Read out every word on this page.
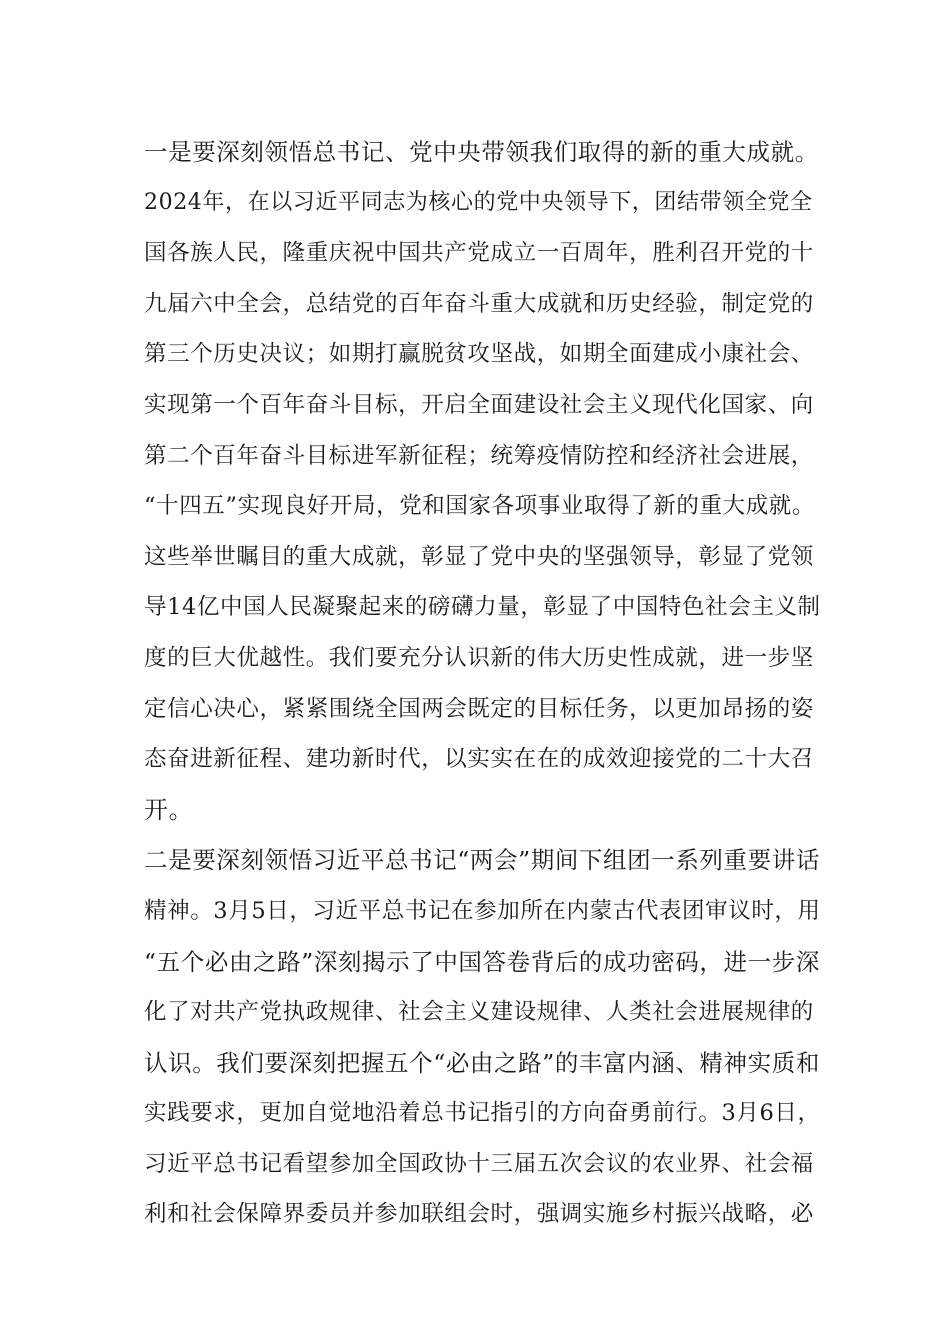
一是要深刻领悟总书记、党中央带领我们取得的新的重大成就。
2024年，在以习近平同志为核心的党中央领导下，团结带领全党全
国各族人民，隆重庆祝中国共产党成立一百周年，胜利召开党的十
九届六中全会，总结党的百年奋斗重大成就和历史经验，制定党的
第三个历史决议；如期打赢脱贫攻坚战，如期全面建成小康社会、
实现第一个百年奋斗目标，开启全面建设社会主义现代化国家、向
第二个百年奋斗目标进军新征程；统筹疫情防控和经济社会进展，
“十四五”实现良好开局，党和国家各项事业取得了新的重大成就。
这些举世瞩目的重大成就，彰显了党中央的坚强领导，彰显了党领
导14亿中国人民凝聚起来的磅礴力量，彰显了中国特色社会主义制
度的巨大优越性。我们要充分认识新的伟大历史性成就，进一步坚
定信心决心，紧紧围绕全国两会既定的目标任务，以更加昂扬的姿
态奋进新征程、建功新时代，以实实在在的成效迎接党的二十大召
开。
二是要深刻领悟习近平总书记“两会”期间下组团一系列重要讲话
精神。3月5日，习近平总书记在参加所在内蒙古代表团审议时，用
“五个必由之路”深刻揭示了中国答卷背后的成功密码，进一步深
化了对共产党执政规律、社会主义建设规律、人类社会进展规律的
认识。我们要深刻把握五个“必由之路”的丰富内涵、精神实质和
实践要求，更加自觉地沿着总书记指引的方向奋勇前行。3月6日，
习近平总书记看望参加全国政协十三届五次会议的农业界、社会福
利和社会保障界委员并参加联组会时，强调实施乡村振兴战略，必
